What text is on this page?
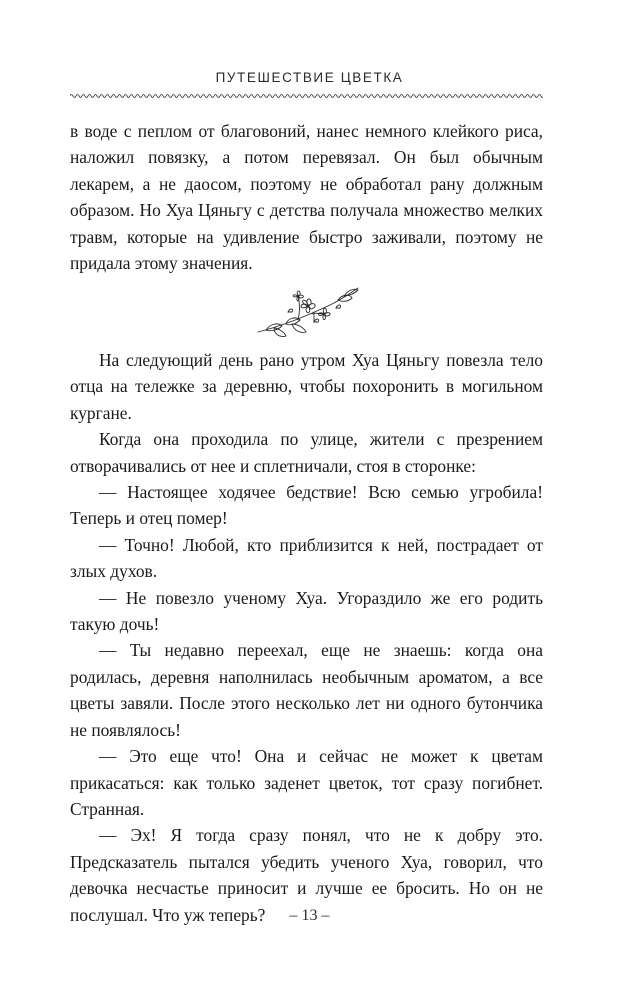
ПУТЕШЕСТВИЕ ЦВЕТКА

в воде с пеплом от благовоний, нанес немного клейкого риса, наложил повязку, а потом перевязал. Он был обычным лекарем, а не даосом, поэтому не обработал рану должным образом. Но Хуа Цяньгу с детства получала множество мелких травм, которые на удивление быстро заживали, поэтому не придала этому значения.

На следующий день рано утром Хуа Цяньгу повезла тело отца на тележке за деревню, чтобы похоронить в могильном кургане.

Когда она проходила по улице, жители с презрением отворачивались от нее и сплетничали, стоя в сторонке:

— Настоящее ходячее бедствие! Всю семью угробила! Теперь и отец помер!

— Точно! Любой, кто приблизится к ней, пострадает от злых духов.

— Не повезло ученому Хуа. Угораздило же его родить такую дочь!

— Ты недавно переехал, еще не знаешь: когда она родилась, деревня наполнилась необычным ароматом, а все цветы завяли. После этого несколько лет ни одного бутончика не появлялось!

— Это еще что! Она и сейчас не может к цветам прикасаться: как только заденет цветок, тот сразу погибнет. Странная.

— Эх! Я тогда сразу понял, что не к добру это. Предсказатель пытался убедить ученого Хуа, говорил, что девочка несчастье приносит и лучше ее бросить. Но он не послушал. Что уж теперь?	– 13 –
